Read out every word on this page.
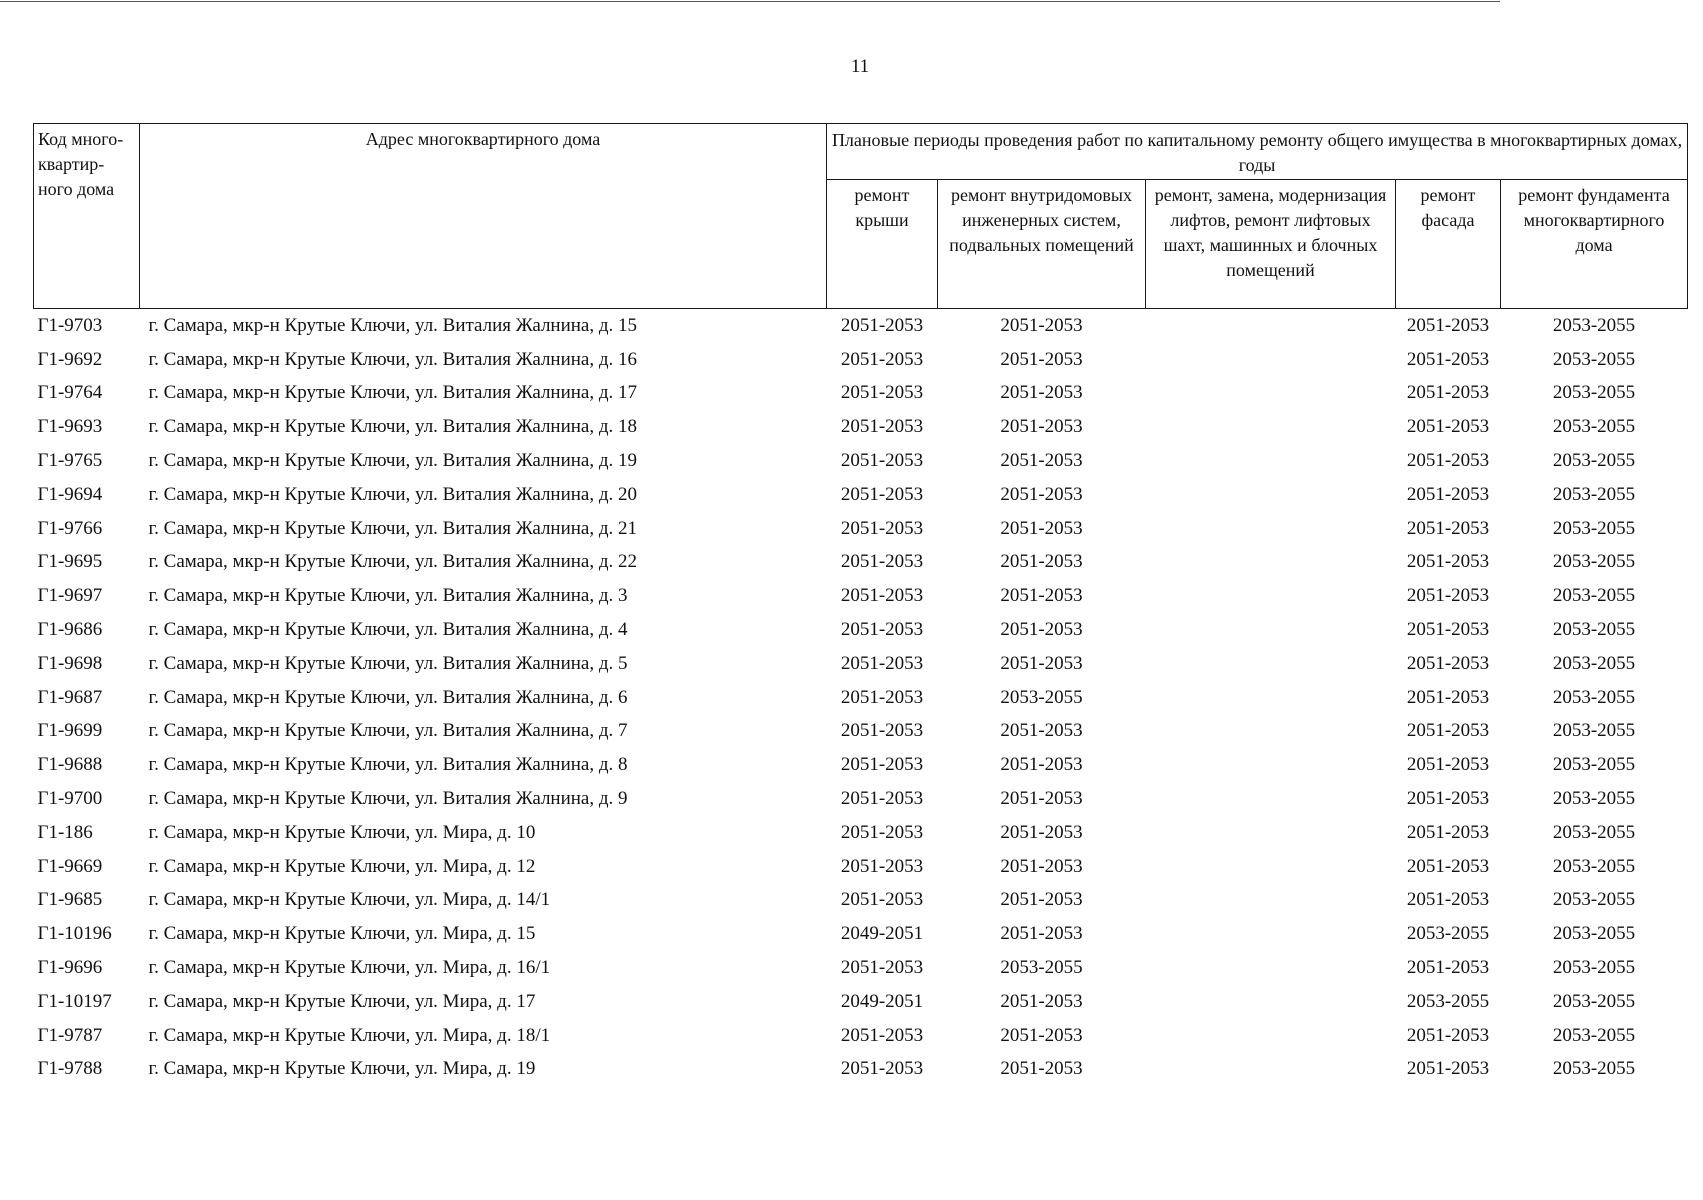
11
Код много-квартир-ного дома	Адрес многоквартирного дома	Плановые периоды проведения работ по капитальному ремонту общего имущества в многоквартирных домах, годы				
		ремонт крыши	ремонт внутридомовых инженерных систем, подвальных помещений	ремонт, замена, модернизация лифтов, ремонт лифтовых шахт, машинных и блочных помещений	ремонт фасада	ремонт фундамента многоквартирного дома
Г1-9703	г. Самара, мкр-н Крутые Ключи, ул. Виталия Жалнина, д. 15	2051-2053	2051-2053		2051-2053	2053-2055
Г1-9692	г. Самара, мкр-н Крутые Ключи, ул. Виталия Жалнина, д. 16	2051-2053	2051-2053		2051-2053	2053-2055
Г1-9764	г. Самара, мкр-н Крутые Ключи, ул. Виталия Жалнина, д. 17	2051-2053	2051-2053		2051-2053	2053-2055
Г1-9693	г. Самара, мкр-н Крутые Ключи, ул. Виталия Жалнина, д. 18	2051-2053	2051-2053		2051-2053	2053-2055
Г1-9765	г. Самара, мкр-н Крутые Ключи, ул. Виталия Жалнина, д. 19	2051-2053	2051-2053		2051-2053	2053-2055
Г1-9694	г. Самара, мкр-н Крутые Ключи, ул. Виталия Жалнина, д. 20	2051-2053	2051-2053		2051-2053	2053-2055
Г1-9766	г. Самара, мкр-н Крутые Ключи, ул. Виталия Жалнина, д. 21	2051-2053	2051-2053		2051-2053	2053-2055
Г1-9695	г. Самара, мкр-н Крутые Ключи, ул. Виталия Жалнина, д. 22	2051-2053	2051-2053		2051-2053	2053-2055
Г1-9697	г. Самара, мкр-н Крутые Ключи, ул. Виталия Жалнина, д. 3	2051-2053	2051-2053		2051-2053	2053-2055
Г1-9686	г. Самара, мкр-н Крутые Ключи, ул. Виталия Жалнина, д. 4	2051-2053	2051-2053		2051-2053	2053-2055
Г1-9698	г. Самара, мкр-н Крутые Ключи, ул. Виталия Жалнина, д. 5	2051-2053	2051-2053		2051-2053	2053-2055
Г1-9687	г. Самара, мкр-н Крутые Ключи, ул. Виталия Жалнина, д. 6	2051-2053	2053-2055		2051-2053	2053-2055
Г1-9699	г. Самара, мкр-н Крутые Ключи, ул. Виталия Жалнина, д. 7	2051-2053	2051-2053		2051-2053	2053-2055
Г1-9688	г. Самара, мкр-н Крутые Ключи, ул. Виталия Жалнина, д. 8	2051-2053	2051-2053		2051-2053	2053-2055
Г1-9700	г. Самара, мкр-н Крутые Ключи, ул. Виталия Жалнина, д. 9	2051-2053	2051-2053		2051-2053	2053-2055
Г1-186	г. Самара, мкр-н Крутые Ключи, ул. Мира, д. 10	2051-2053	2051-2053		2051-2053	2053-2055
Г1-9669	г. Самара, мкр-н Крутые Ключи, ул. Мира, д. 12	2051-2053	2051-2053		2051-2053	2053-2055
Г1-9685	г. Самара, мкр-н Крутые Ключи, ул. Мира, д. 14/1	2051-2053	2051-2053		2051-2053	2053-2055
Г1-10196	г. Самара, мкр-н Крутые Ключи, ул. Мира, д. 15	2049-2051	2051-2053		2053-2055	2053-2055
Г1-9696	г. Самара, мкр-н Крутые Ключи, ул. Мира, д. 16/1	2051-2053	2053-2055		2051-2053	2053-2055
Г1-10197	г. Самара, мкр-н Крутые Ключи, ул. Мира, д. 17	2049-2051	2051-2053		2053-2055	2053-2055
Г1-9787	г. Самара, мкр-н Крутые Ключи, ул. Мира, д. 18/1	2051-2053	2051-2053		2051-2053	2053-2055
Г1-9788	г. Самара, мкр-н Крутые Ключи, ул. Мира, д. 19	2051-2053	2051-2053		2051-2053	2053-2055
